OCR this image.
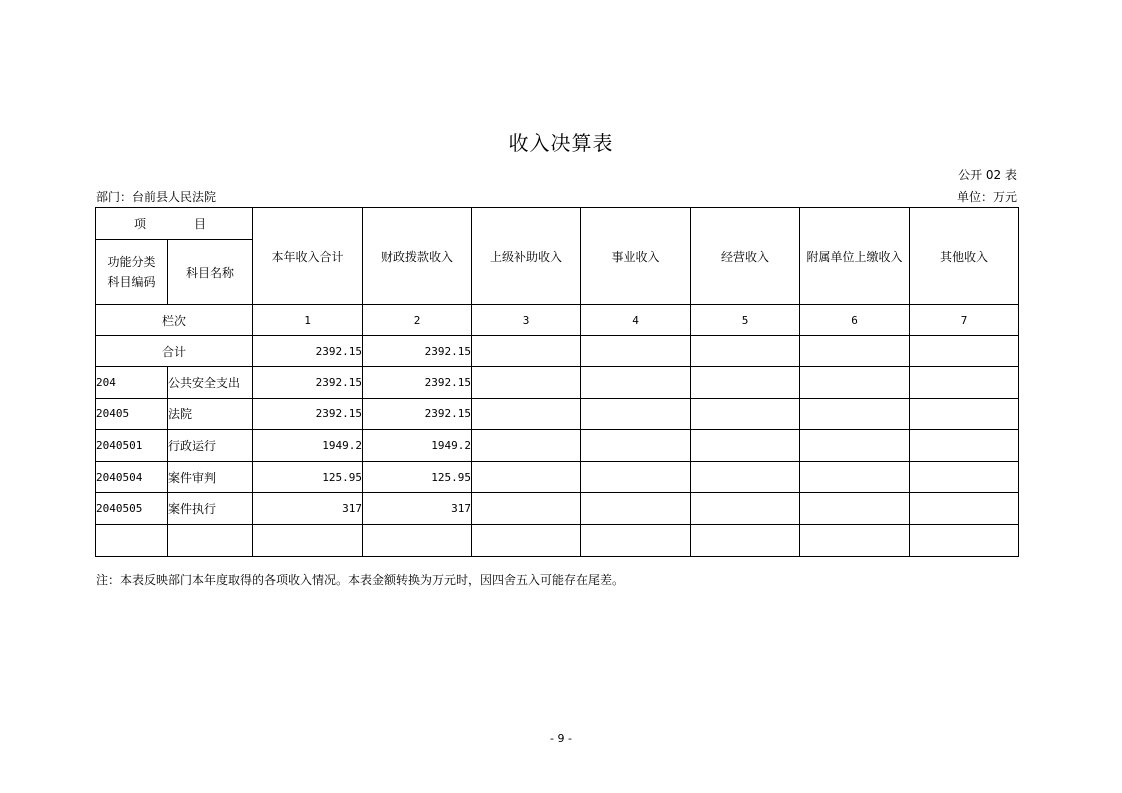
收入决算表
公开 02 表
部门：台前县人民法院	单位：万元
项　　目		本年收入合计	财政拨款收入	上级补助收入	事业收入	经营收入	附属单位上缴收入	其他收入
功能分类科目编码	科目名称							
栏次		1	2	3	4	5	6	7
合计		2392.15	2392.15					
204	公共安全支出	2392.15	2392.15					
20405	法院	2392.15	2392.15					
2040501	行政运行	1949.2	1949.2					
2040504	案件审判	125.95	125.95					
2040505	案件执行	317	317					

注：本表反映部门本年度取得的各项收入情况。本表金额转换为万元时，因四舍五入可能存在尾差。
- 9 -
